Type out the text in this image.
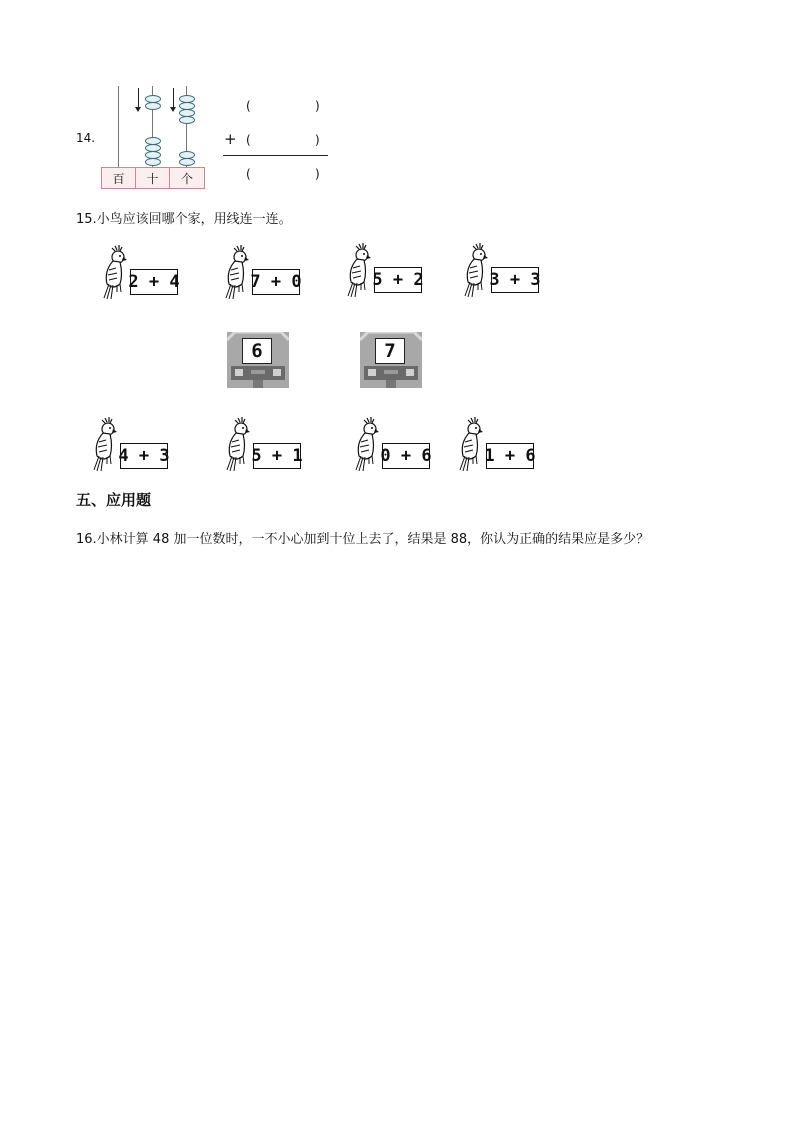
14.
百	十	个
(	)
+ (	)
(	)
15.小鸟应该回哪个家，用线连一连。
2 + 4	7 + 0	5 + 2	3 + 3
6	7
4 + 3	5 + 1	0 + 6	1 + 6
五、应用题
16.小林计算 48 加一位数时，一不小心加到十位上去了，结果是 88，你认为正确的结果应是多少？
